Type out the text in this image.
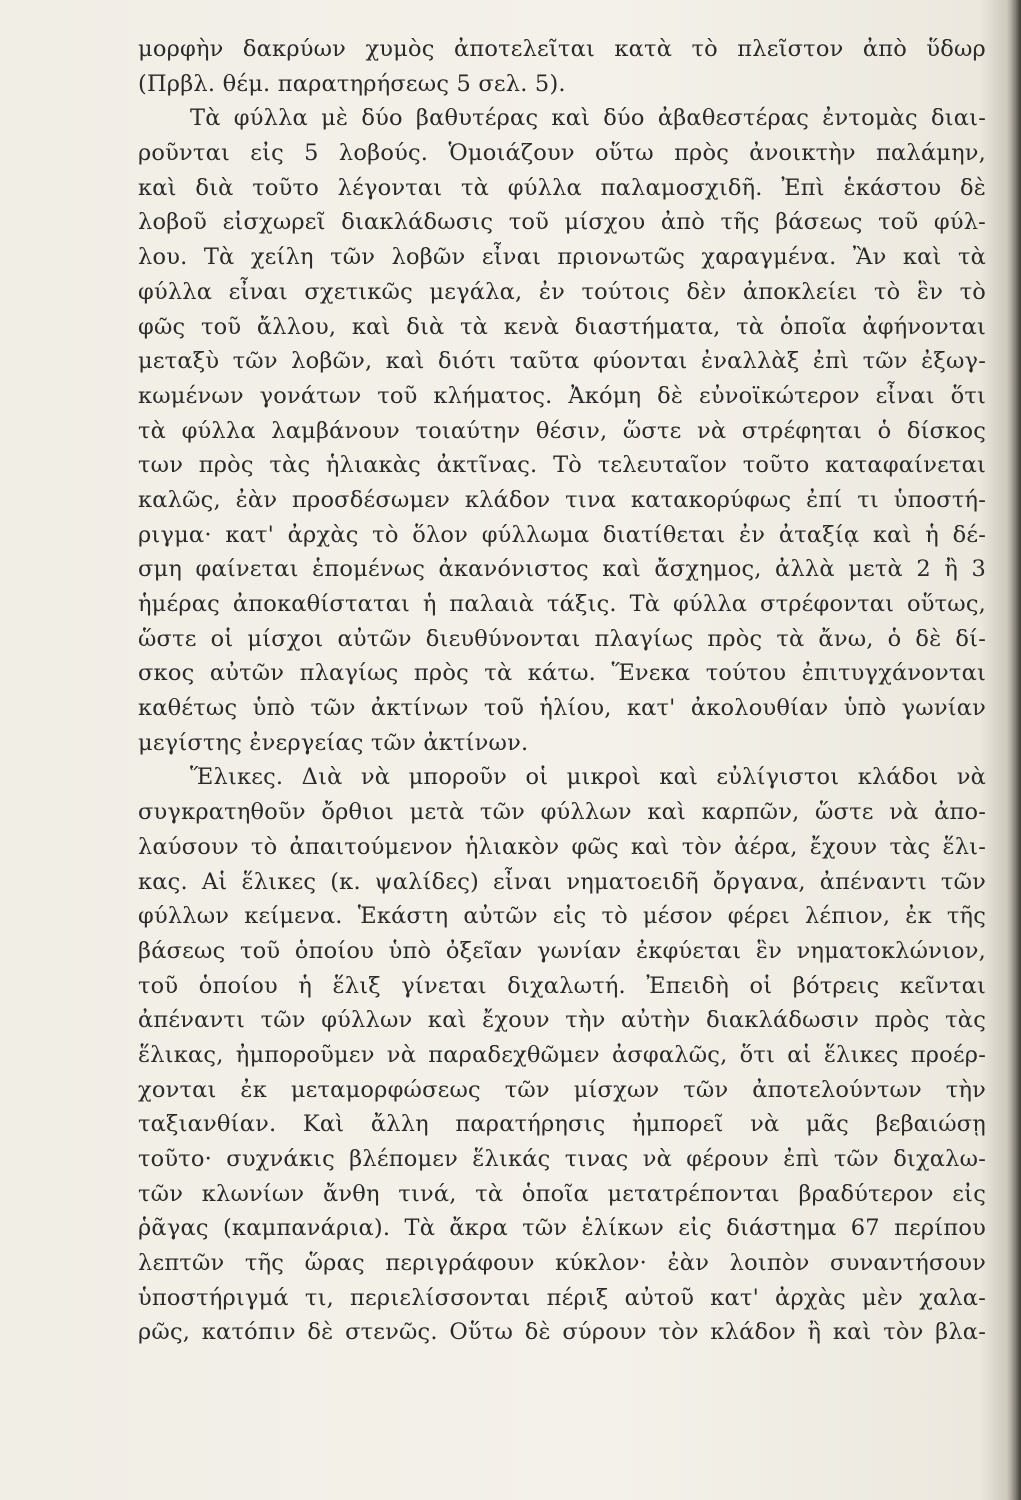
μορφὴν δακρύων χυμὸς ἀποτελεῖται κατὰ τὸ πλεῖστον ἀπὸ ὕδωρ
(Πρβλ. θέμ. παρατηρήσεως 5 σελ. 5).
Τὰ φύλλα μὲ δύο βαθυτέρας καὶ δύο ἀβαθεστέρας ἐντομὰς διαι-
ροῦνται εἰς 5 λοβούς. Ὁμοιάζουν οὕτω πρὸς ἀνοικτὴν παλάμην,
καὶ διὰ τοῦτο λέγονται τὰ φύλλα παλαμοσχιδῆ. Ἐπὶ ἑκάστου δὲ
λοβοῦ εἰσχωρεῖ διακλάδωσις τοῦ μίσχου ἀπὸ τῆς βάσεως τοῦ φύλ-
λου. Τὰ χείλη τῶν λοβῶν εἶναι πριονωτῶς χαραγμένα. Ἂν καὶ τὰ
φύλλα εἶναι σχετικῶς μεγάλα, ἐν τούτοις δὲν ἀποκλείει τὸ ἓν τὸ
φῶς τοῦ ἄλλου, καὶ διὰ τὰ κενὰ διαστήματα, τὰ ὁποῖα ἀφήνονται
μεταξὺ τῶν λοβῶν, καὶ διότι ταῦτα φύονται ἐναλλὰξ ἐπὶ τῶν ἐξωγ-
κωμένων γονάτων τοῦ κλήματος. Ἀκόμη δὲ εὐνοϊκώτερον εἶναι ὅτι
τὰ φύλλα λαμβάνουν τοιαύτην θέσιν, ὥστε νὰ στρέφηται ὁ δίσκος
των πρὸς τὰς ἡλιακὰς ἀκτῖνας. Τὸ τελευταῖον τοῦτο καταφαίνεται
καλῶς, ἐὰν προσδέσωμεν κλάδον τινα κατακορύφως ἐπί τι ὑποστή-
ριγμα· κατ' ἀρχὰς τὸ ὅλον φύλλωμα διατίθεται ἐν ἀταξίᾳ καὶ ἡ δέ-
σμη φαίνεται ἑπομένως ἀκανόνιστος καὶ ἄσχημος, ἀλλὰ μετὰ 2 ἢ 3
ἡμέρας ἀποκαθίσταται ἡ παλαιὰ τάξις. Τὰ φύλλα στρέφονται οὕτως,
ὥστε οἱ μίσχοι αὐτῶν διευθύνονται πλαγίως πρὸς τὰ ἄνω, ὁ δὲ δί-
σκος αὐτῶν πλαγίως πρὸς τὰ κάτω. Ἕνεκα τούτου ἐπιτυγχάνονται
καθέτως ὑπὸ τῶν ἀκτίνων τοῦ ἡλίου, κατ' ἀκολουθίαν ὑπὸ γωνίαν
μεγίστης ἐνεργείας τῶν ἀκτίνων.
Ἕλικες. Διὰ νὰ μποροῦν οἱ μικροὶ καὶ εὐλίγιστοι κλάδοι νὰ
συγκρατηθοῦν ὄρθιοι μετὰ τῶν φύλλων καὶ καρπῶν, ὥστε νὰ ἀπο-
λαύσουν τὸ ἀπαιτούμενον ἡλιακὸν φῶς καὶ τὸν ἀέρα, ἔχουν τὰς ἕλι-
κας. Αἱ ἕλικες (κ. ψαλίδες) εἶναι νηματοειδῆ ὄργανα, ἀπέναντι τῶν
φύλλων κείμενα. Ἑκάστη αὐτῶν εἰς τὸ μέσον φέρει λέπιον, ἐκ τῆς
βάσεως τοῦ ὁποίου ὑπὸ ὀξεῖαν γωνίαν ἐκφύεται ἓν νηματοκλώνιον,
τοῦ ὁποίου ἡ ἕλιξ γίνεται διχαλωτή. Ἐπειδὴ οἱ βότρεις κεῖνται
ἀπέναντι τῶν φύλλων καὶ ἔχουν τὴν αὐτὴν διακλάδωσιν πρὸς τὰς
ἕλικας, ἠμποροῦμεν νὰ παραδεχθῶμεν ἀσφαλῶς, ὅτι αἱ ἕλικες προέρ-
χονται ἐκ μεταμορφώσεως τῶν μίσχων τῶν ἀποτελούντων τὴν
ταξιανθίαν. Καὶ ἄλλη παρατήρησις ἠμπορεῖ νὰ μᾶς βεβαιώσῃ
τοῦτο· συχνάκις βλέπομεν ἕλικάς τινας νὰ φέρουν ἐπὶ τῶν διχαλω-
τῶν κλωνίων ἄνθη τινά, τὰ ὁποῖα μετατρέπονται βραδύτερον εἰς
ῥᾶγας (καμπανάρια). Τὰ ἄκρα τῶν ἑλίκων εἰς διάστημα 67 περίπου
λεπτῶν τῆς ὥρας περιγράφουν κύκλον· ἐὰν λοιπὸν συναντήσουν
ὑποστήριγμά τι, περιελίσσονται πέριξ αὐτοῦ κατ' ἀρχὰς μὲν χαλα-
ρῶς, κατόπιν δὲ στενῶς. Οὕτω δὲ σύρουν τὸν κλάδον ἢ καὶ τὸν βλα-
